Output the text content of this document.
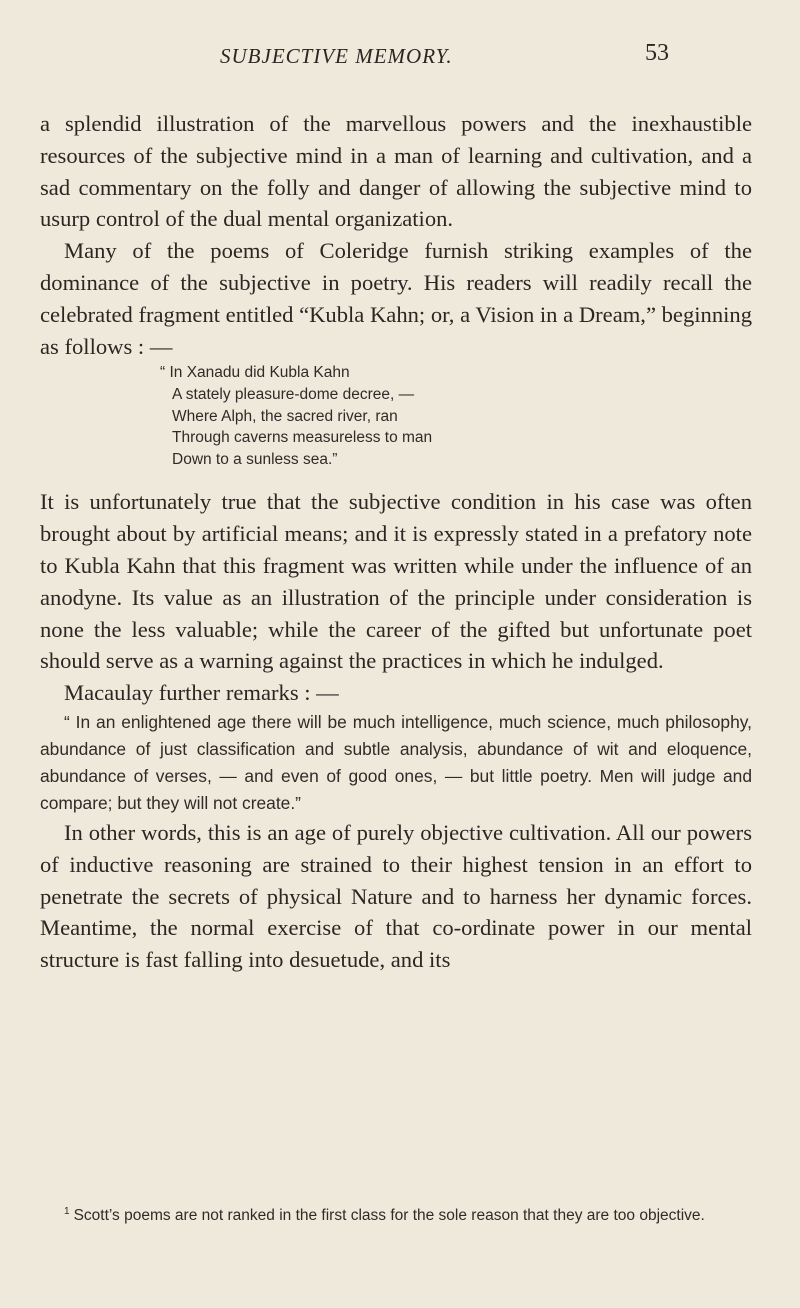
SUBJECTIVE MEMORY.	53

a splendid illustration of the marvellous powers and the inexhaustible resources of the subjective mind in a man of learning and cultivation, and a sad commentary on the folly and danger of allowing the subjective mind to usurp control of the dual mental organization.

Many of the poems of Coleridge furnish striking examples of the dominance of the subjective in poetry. His readers will readily recall the celebrated fragment entitled “Kubla Kahn; or, a Vision in a Dream,” beginning as follows : —

“ In Xanadu did Kubla Kahn
A stately pleasure-dome decree, —
Where Alph, the sacred river, ran
Through caverns measureless to man
Down to a sunless sea.”

It is unfortunately true that the subjective condition in his case was often brought about by artificial means; and it is expressly stated in a prefatory note to Kubla Kahn that this fragment was written while under the influence of an anodyne. Its value as an illustration of the principle under consideration is none the less valuable; while the career of the gifted but unfortunate poet should serve as a warning against the practices in which he indulged.

Macaulay further remarks : —

“ In an enlightened age there will be much intelligence, much science, much philosophy, abundance of just classification and subtle analysis, abundance of wit and eloquence, abundance of verses, — and even of good ones, — but little poetry. Men will judge and compare; but they will not create.”

In other words, this is an age of purely objective cultivation. All our powers of inductive reasoning are strained to their highest tension in an effort to penetrate the secrets of physical Nature and to harness her dynamic forces. Meantime, the normal exercise of that co-ordinate power in our mental structure is fast falling into desuetude, and its

$^1$ Scott’s poems are not ranked in the first class for the sole reason that they are too objective.
